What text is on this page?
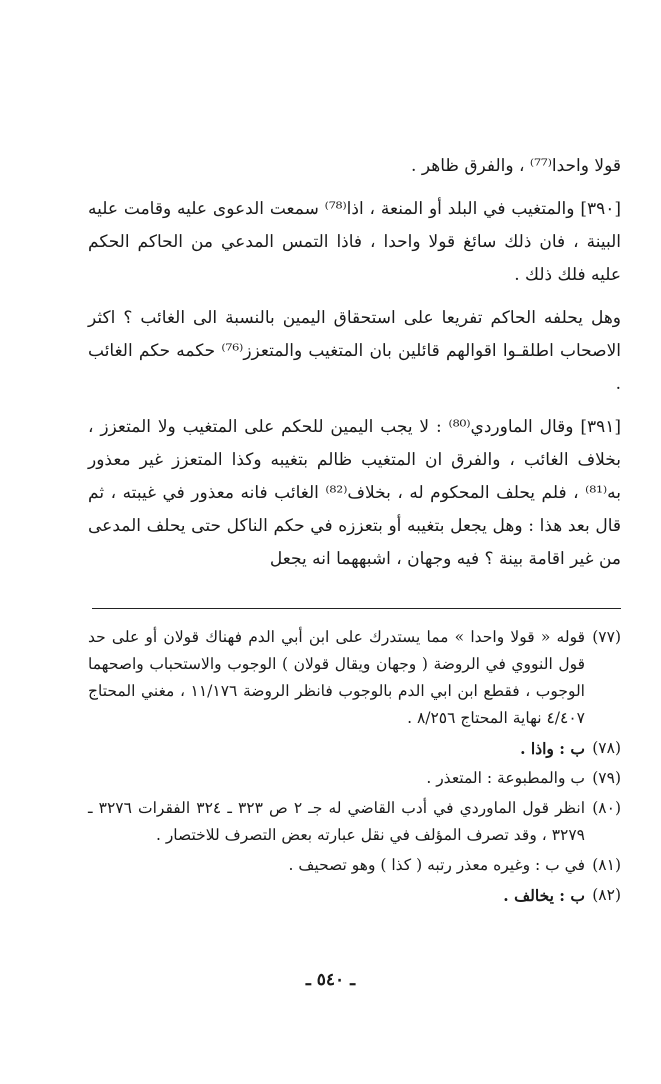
قولا واحدا⁽⁷⁷⁾ ، والفرق ظاهر .

[٣٩٠] والمتغيب في البلد أو المنعة ، اذا⁽⁷⁸⁾ سمعت الدعوى عليه وقامت عليه البينة ، فان ذلك سائغ قولا واحدا ، فاذا التمس المدعي من الحاكم الحكم عليه فلك ذلك .

وهل يحلفه الحاكم تفريعا على استحقاق اليمين بالنسبة الى الغائب ؟ اكثر الاصحاب اطلقـوا اقوالهم قائلين بان المتغيب والمتعزز⁽⁷⁶⁾ حكمه حكم الغائب .

[٣٩١] وقال الماوردي⁽⁸⁰⁾ : لا يجب اليمين للحكم على المتغيب ولا المتعزز ، بخلاف الغائب ، والفرق ان المتغيب ظالم بتغيبه وكذا المتعزز غير معذور به⁽⁸¹⁾ ، فلم يحلف المحكوم له ، بخلاف⁽⁸²⁾ الغائب فانه معذور في غيبته ، ثم قال بعد هذا : وهل يجعل بتغيبه أو بتعززه في حكم الناكل حتى يحلف المدعى من غير اقامة بينة ؟ فيه وجهان ، اشبههما انه يجعل

(٧٧)
قوله « قولا واحدا » مما يستدرك على ابن أبي الدم فهناك قولان أو على حد قول النووي في الروضة ( وجهان ويقال قولان ) الوجوب والاستحباب واصحهما الوجوب ، فقطع ابن ابي الدم بالوجوب فانظر الروضة ١١/١٧٦ ، مغني المحتاج ٤/٤٠٧ نهاية المحتاج ٨/٢٥٦ .
(٧٨)
ب : واذا .
(٧٩)
ب والمطبوعة : المتعذر .
(٨٠)
انظر قول الماوردي في أدب القاضي له جـ ٢ ص ٣٢٣ ـ ٣٢٤ الفقرات ٣٢٧٦ ـ ٣٢٧٩ ، وقد تصرف المؤلف في نقل عبارته بعض التصرف للاختصار .
(٨١)
في ب : وغيره معذر رتبه ( كذا ) وهو تصحيف .
(٨٢)
ب : يخالف .
ـ ٥٤٠ ـ
